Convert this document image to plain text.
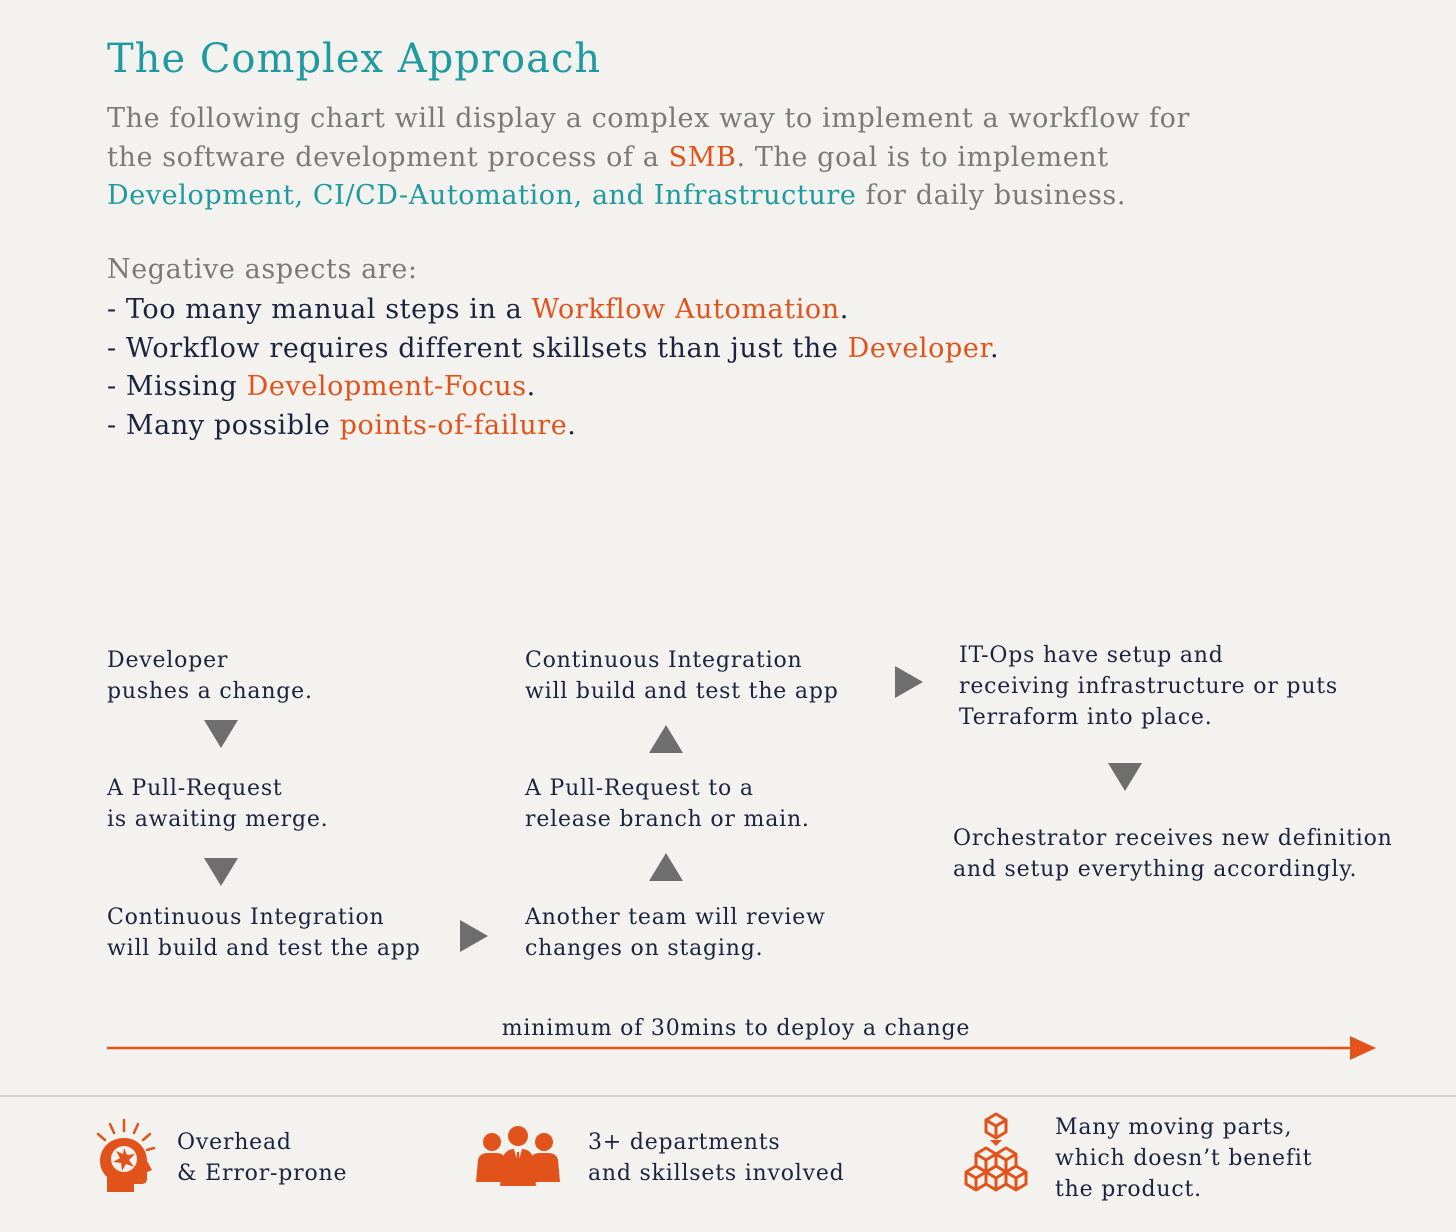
The Complex Approach
The following chart will display a complex way to implement a workflow for
the software development process of a SMB. The goal is to implement
Development, CI/CD-Automation, and Infrastructure for daily business.
Negative aspects are:
- Too many manual steps in a Workflow Automation.
- Workflow requires different skillsets than just the Developer.
- Missing Development-Focus.
- Many possible points-of-failure.
Developer
pushes a change.
A Pull-Request
is awaiting merge.
Continuous Integration
will build and test the app
Another team will review
changes on staging.
A Pull-Request to a
release branch or main.
Continuous Integration
will build and test the app
IT-Ops have setup and
receiving infrastructure or puts
Terraform into place.
Orchestrator receives new definition
and setup everything accordingly.
minimum of 30mins to deploy a change
Overhead
& Error-prone
3+ departments
and skillsets involved
Many moving parts,
which doesn’t benefit
the product.
